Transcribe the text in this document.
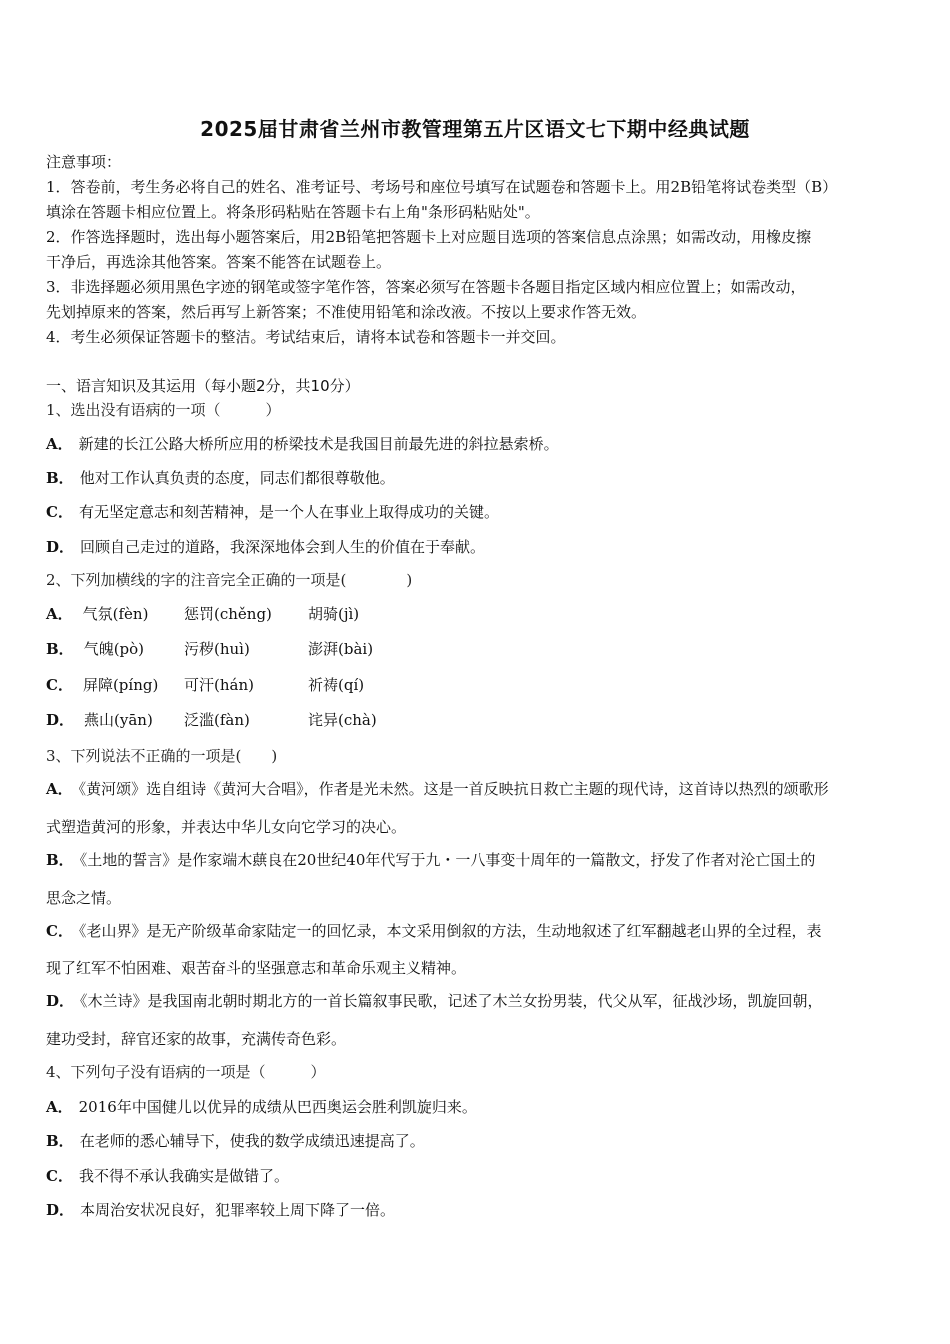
2025届甘肃省兰州市教管理第五片区语文七下期中经典试题
注意事项：
1．答卷前，考生务必将自己的姓名、准考证号、考场号和座位号填写在试题卷和答题卡上。用2B铅笔将试卷类型（B）
填涂在答题卡相应位置上。将条形码粘贴在答题卡右上角"条形码粘贴处"。
2．作答选择题时，选出每小题答案后，用2B铅笔把答题卡上对应题目选项的答案信息点涂黑；如需改动，用橡皮擦
干净后，再选涂其他答案。答案不能答在试题卷上。
3．非选择题必须用黑色字迹的钢笔或签字笔作答，答案必须写在答题卡各题目指定区域内相应位置上；如需改动，
先划掉原来的答案，然后再写上新答案；不准使用铅笔和涂改液。不按以上要求作答无效。
4．考生必须保证答题卡的整洁。考试结束后，请将本试卷和答题卡一并交回。
一、语言知识及其运用（每小题2分，共10分）
1、选出没有语病的一项（　　　）
A． 新建的长江公路大桥所应用的桥梁技术是我国目前最先进的斜拉悬索桥。
B． 他对工作认真负责的态度，同志们都很尊敬他。
C． 有无坚定意志和刻苦精神，是一个人在事业上取得成功的关键。
D． 回顾自己走过的道路，我深深地体会到人生的价值在于奉献。
2、下列加横线的字的注音完全正确的一项是(　　　　)
A． 气氛(fèn) 惩罚(chěng) 胡骑(jì)
B． 气魄(pò)	污秽(huì)	澎湃(bài)
C． 屏障(píng) 可汗(hán)	祈祷(qí)
D． 燕山(yān) 泛滥(fàn)	诧异(chà)
3、下列说法不正确的一项是(　　)
A． 《黄河颂》选自组诗《黄河大合唱》，作者是光未然。这是一首反映抗日救亡主题的现代诗，这首诗以热烈的颂歌形
式塑造黄河的形象，并表达中华儿女向它学习的决心。
B． 《土地的誓言》是作家端木蕻良在20世纪40年代写于九・一八事变十周年的一篇散文，抒发了作者对沦亡国土的
思念之情。
C． 《老山界》是无产阶级革命家陆定一的回忆录，本文采用倒叙的方法，生动地叙述了红军翻越老山界的全过程，表
现了红军不怕困难、艰苦奋斗的坚强意志和革命乐观主义精神。
D． 《木兰诗》是我国南北朝时期北方的一首长篇叙事民歌，记述了木兰女扮男装，代父从军，征战沙场，凯旋回朝，
建功受封，辞官还家的故事，充满传奇色彩。
4、下列句子没有语病的一项是（　　　）
A． 2016年中国健儿以优异的成绩从巴西奥运会胜利凯旋归来。
B． 在老师的悉心辅导下，使我的数学成绩迅速提高了。
C． 我不得不承认我确实是做错了。
D． 本周治安状况良好，犯罪率较上周下降了一倍。
